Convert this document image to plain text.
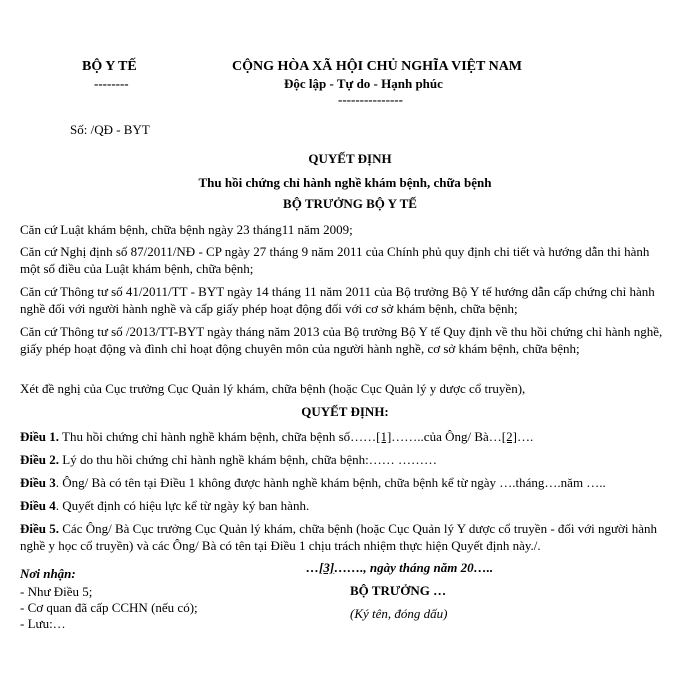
BỘ Y TẾ
--------
CỘNG HÒA XÃ HỘI CHỦ NGHĨA VIỆT NAM
Độc lập - Tự do - Hạnh phúc
---------------
Số: /QĐ - BYT
QUYẾT ĐỊNH
Thu hồi chứng chỉ hành nghề khám bệnh, chữa bệnh
BỘ TRƯỞNG BỘ Y TẾ
Căn cứ Luật khám bệnh, chữa bệnh ngày 23 tháng11 năm 2009;
Căn cứ Nghị định số 87/2011/NĐ - CP ngày 27 tháng 9 năm 2011 của Chính phủ quy định chi tiết và hướng dẫn thi hành một số điều của Luật khám bệnh, chữa bệnh;
Căn cứ Thông tư số 41/2011/TT - BYT ngày 14 tháng 11 năm 2011 của Bộ trưởng Bộ Y tế hướng dẫn cấp chứng chỉ hành nghề đối với người hành nghề và cấp giấy phép hoạt động đối với cơ sở khám bệnh, chữa bệnh;
Căn cứ Thông tư số /2013/TT-BYT ngày tháng năm 2013 của Bộ trưởng Bộ Y tế Quy định về thu hồi chứng chỉ hành nghề, giấy phép hoạt động và đình chỉ hoạt động chuyên môn của người hành nghề, cơ sở khám bệnh, chữa bệnh;
Xét đề nghị của Cục trưởng Cục Quản lý khám, chữa bệnh (hoặc Cục Quản lý y dược cổ truyền),
QUYẾT ĐỊNH:
Điều 1. Thu hồi chứng chỉ hành nghề khám bệnh, chữa bệnh số……[1]……..của Ông/ Bà…[2]….
Điều 2. Lý do thu hồi chứng chỉ hành nghề khám bệnh, chữa bệnh:…… ………
Điều 3. Ông/ Bà có tên tại Điều 1 không được hành nghề khám bệnh, chữa bệnh kể từ ngày ….tháng….năm …..
Điều 4. Quyết định có hiệu lực kể từ ngày ký ban hành.
Điều 5. Các Ông/ Bà Cục trưởng Cục Quản lý khám, chữa bệnh (hoặc Cục Quản lý Y dược cổ truyền - đối với người hành nghề y học cổ truyền) và các Ông/ Bà có tên tại Điều 1 chịu trách nhiệm thực hiện Quyết định này./.
Nơi nhận:
- Như Điều 5;
- Cơ quan đã cấp CCHN (nếu có);
- Lưu:…
…[3]……., ngày tháng năm 20…..
BỘ TRƯỞNG …
(Ký tên, đóng dấu)
